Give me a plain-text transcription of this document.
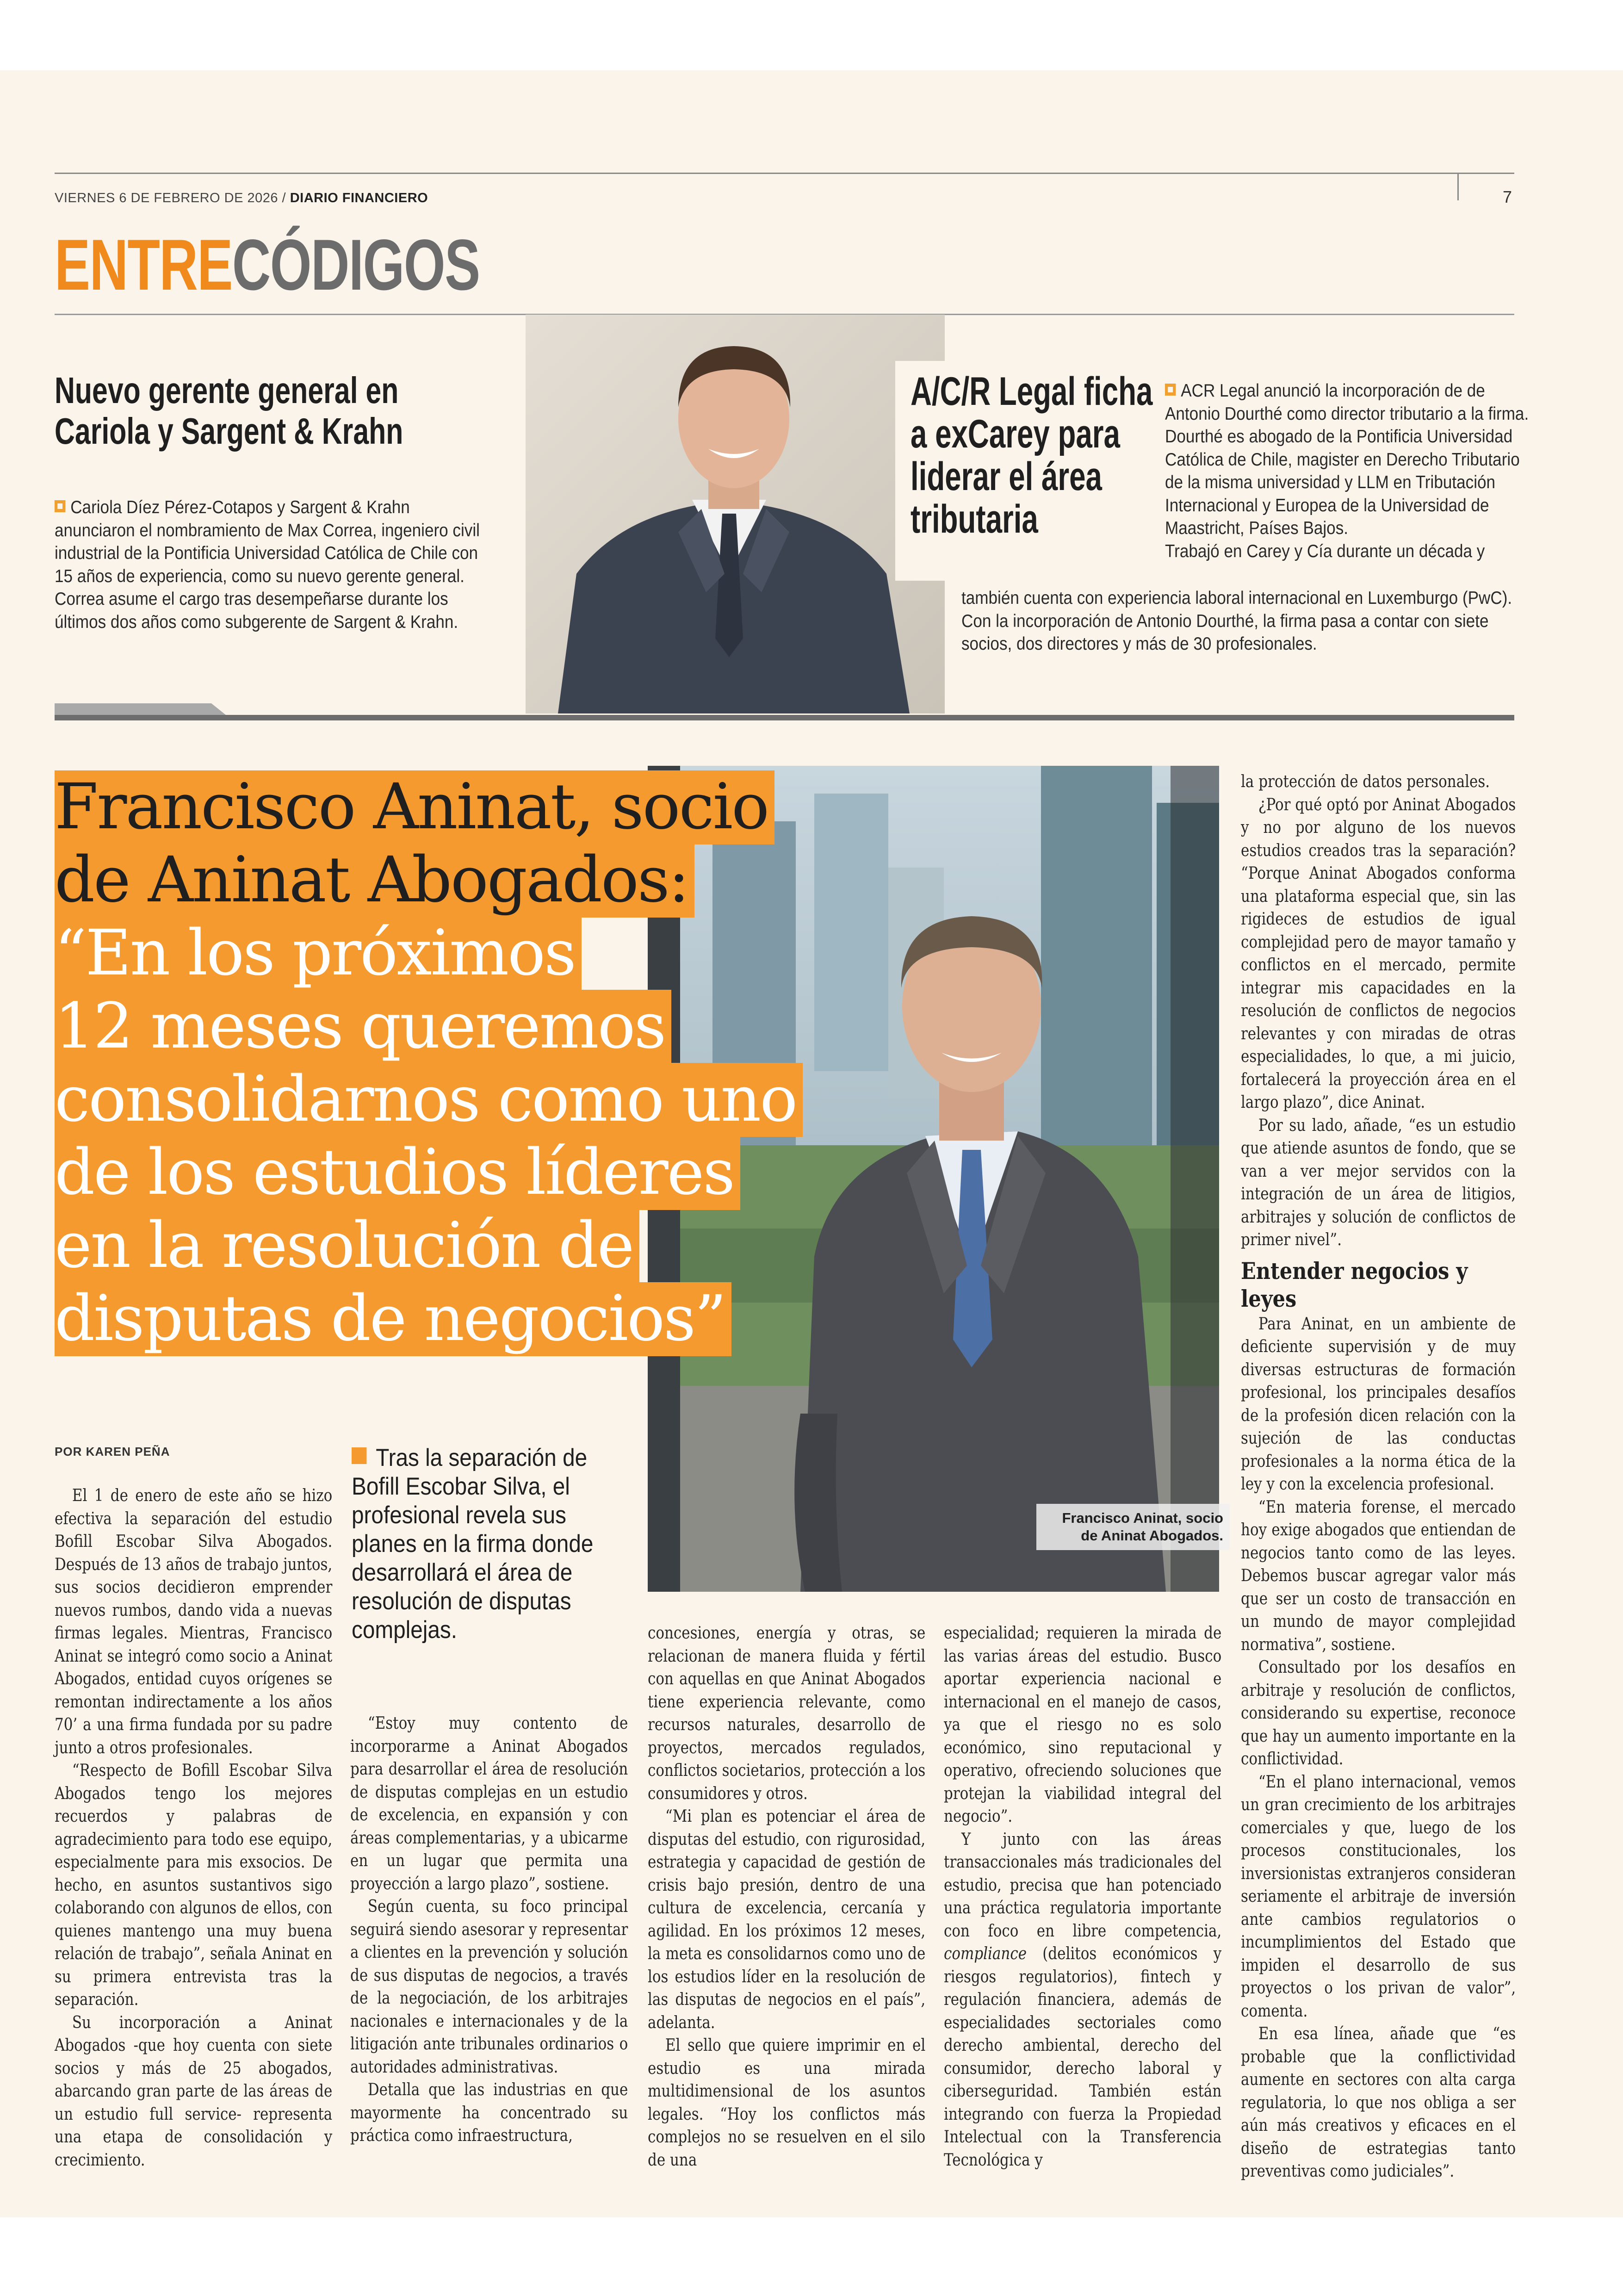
VIERNES 6 DE FEBRERO DE 2026 / DIARIO FINANCIERO	7
ENTRECÓDIGOS
Nuevo gerente general en Cariola y Sargent & Krahn
Cariola Díez Pérez-Cotapos y Sargent & Krahn anunciaron el nombramiento de Max Correa, ingeniero civil industrial de la Pontificia Universidad Católica de Chile con 15 años de experiencia, como su nuevo gerente general.
Correa asume el cargo tras desempeñarse durante los últimos dos años como subgerente de Sargent & Krahn.
A/C/R Legal ficha a exCarey para liderar el área tributaria
ACR Legal anunció la incorporación de de Antonio Dourthé como director tributario a la firma.
Dourthé es abogado de la Pontificia Universidad Católica de Chile, magister en Derecho Tributario de la misma universidad y LLM en Tributación Internacional y Europea de la Universidad de Maastricht, Países Bajos.
Trabajó en Carey y Cía durante un década y
también cuenta con experiencia laboral internacional en Luxemburgo (PwC). Con la incorporación de Antonio Dourthé, la firma pasa a contar con siete socios, dos directores y más de 30 profesionales.
Francisco Aninat, socio
de Aninat Abogados:
“En los próximos
12 meses queremos
consolidarnos como uno
de los estudios líderes
en la resolución de
disputas de negocios”
Francisco Aninat, socio de Aninat Abogados.
POR KAREN PEÑA	Tras la separación de Bofill Escobar Silva, el profesional revela sus planes en la firma donde desarrollará el área de resolución de disputas complejas.

El 1 de enero de este año se hizo efectiva la separación del estudio Bofill Escobar Silva Abogados. Después de 13 años de trabajo juntos, sus socios decidieron emprender nuevos rumbos, dando vida a nuevas firmas legales. Mientras, Francisco Aninat se integró como socio a Aninat Abogados, entidad cuyos orígenes se remontan indirectamente a los años 70’ a una firma fundada por su padre junto a otros profesionales.

“Respecto de Bofill Escobar Silva Abogados tengo los mejores recuerdos y palabras de agradecimiento para todo ese equipo, especialmente para mis exsocios. De hecho, en asuntos sustantivos sigo colaborando con algunos de ellos, con quienes mantengo una muy buena relación de trabajo”, señala Aninat en su primera entrevista tras la separación.

Su incorporación a Aninat Abogados -que hoy cuenta con siete socios y más de 25 abogados, abarcando gran parte de las áreas de un estudio full service- representa una etapa de consolidación y crecimiento.

“Estoy muy contento de incorporarme a Aninat Abogados para desarrollar el área de resolución de disputas complejas en un estudio de excelencia, en expansión y con áreas complementarias, y a ubicarme en un lugar que permita una proyección a largo plazo”, sostiene.

Según cuenta, su foco principal seguirá siendo asesorar y representar a clientes en la prevención y solución de sus disputas de negocios, a través de la negociación, de los arbitrajes nacionales e internacionales y de la litigación ante tribunales ordinarios o autoridades administrativas.

Detalla que las industrias en que mayormente ha concentrado su práctica como infraestructura,

concesiones, energía y otras, se relacionan de manera fluida y fértil con aquellas en que Aninat Abogados tiene experiencia relevante, como recursos naturales, desarrollo de proyectos, mercados regulados, conflictos societarios, protección a los consumidores y otros.

“Mi plan es potenciar el área de disputas del estudio, con rigurosidad, estrategia y capacidad de gestión de crisis bajo presión, dentro de una cultura de excelencia, cercanía y agilidad. En los próximos 12 meses, la meta es consolidarnos como uno de los estudios líder en la resolución de las disputas de negocios en el país”, adelanta.

El sello que quiere imprimir en el estudio es una mirada multidimensional de los asuntos legales. “Hoy los conflictos más complejos no se resuelven en el silo de una

especialidad; requieren la mirada de las varias áreas del estudio. Busco aportar experiencia nacional e internacional en el manejo de casos, ya que el riesgo no es solo económico, sino reputacional y operativo, ofreciendo soluciones que protejan la viabilidad integral del negocio”.

Y junto con las áreas transaccionales más tradicionales del estudio, precisa que han potenciado una práctica regulatoria importante con foco en libre competencia, compliance (delitos económicos y riesgos regulatorios), fintech y regulación financiera, además de especialidades sectoriales como derecho ambiental, derecho del consumidor, derecho laboral y ciberseguridad. También están integrando con fuerza la Propiedad Intelectual con la Transferencia Tecnológica y

la protección de datos personales.

¿Por qué optó por Aninat Abogados y no por alguno de los nuevos estudios creados tras la separación? “Porque Aninat Abogados conforma una plataforma especial que, sin las rigideces de estudios de igual complejidad pero de mayor tamaño y conflictos en el mercado, permite integrar mis capacidades en la resolución de conflictos de negocios relevantes y con miradas de otras especialidades, lo que, a mi juicio, fortalecerá la proyección área en el largo plazo”, dice Aninat.

Por su lado, añade, “es un estudio que atiende asuntos de fondo, que se van a ver mejor servidos con la integración de un área de litigios, arbitrajes y solución de conflictos de primer nivel”.

Entender negocios y leyes

Para Aninat, en un ambiente de deficiente supervisión y de muy diversas estructuras de formación profesional, los principales desafíos de la profesión dicen relación con la sujeción de las conductas profesionales a la norma ética de la ley y con la excelencia profesional.

“En materia forense, el mercado hoy exige abogados que entiendan de negocios tanto como de las leyes. Debemos buscar agregar valor más que ser un costo de transacción en un mundo de mayor complejidad normativa”, sostiene.

Consultado por los desafíos en arbitraje y resolución de conflictos, considerando su expertise, reconoce que hay un aumento importante en la conflictividad.

“En el plano internacional, vemos un gran crecimiento de los arbitrajes comerciales y que, luego de los procesos constitucionales, los inversionistas extranjeros consideran seriamente el arbitraje de inversión ante cambios regulatorios o incumplimientos del Estado que impiden el desarrollo de sus proyectos o los privan de valor”, comenta.

En esa línea, añade que “es probable que la conflictividad aumente en sectores con alta carga regulatoria, lo que nos obliga a ser aún más creativos y eficaces en el diseño de estrategias tanto preventivas como judiciales”.
